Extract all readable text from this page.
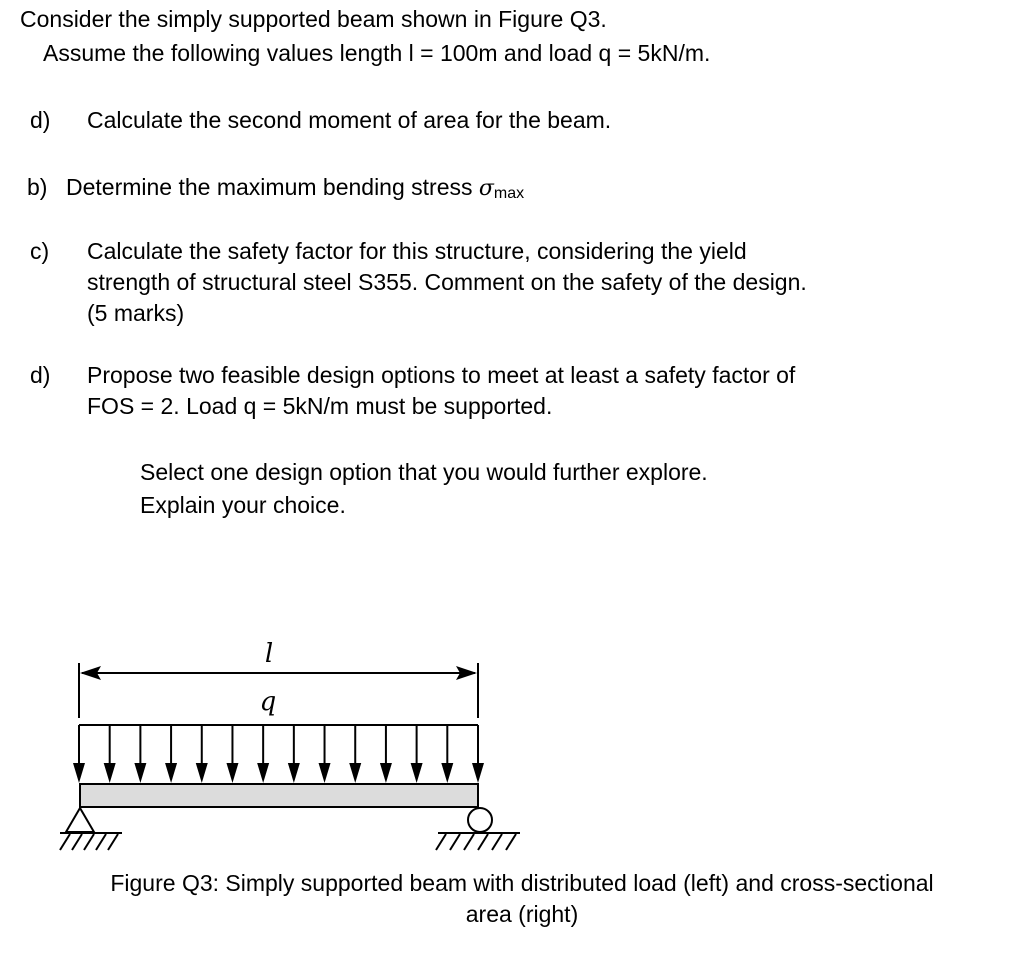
Consider the simply supported beam shown in Figure Q3.
Assume the following values length l = 100m and load q = 5kN/m.
d) Calculate the second moment of area for the beam.
b) Determine the maximum bending stress σmax
c) Calculate the safety factor for this structure, considering the yield
strength of structural steel S355. Comment on the safety of the design.
(5 marks)
d) Propose two feasible design options to meet at least a safety factor of
FOS = 2. Load q = 5kN/m must be supported.
Select one design option that you would further explore.
Explain your choice.
l
q
Figure Q3: Simply supported beam with distributed load (left) and cross-sectional
area (right)
